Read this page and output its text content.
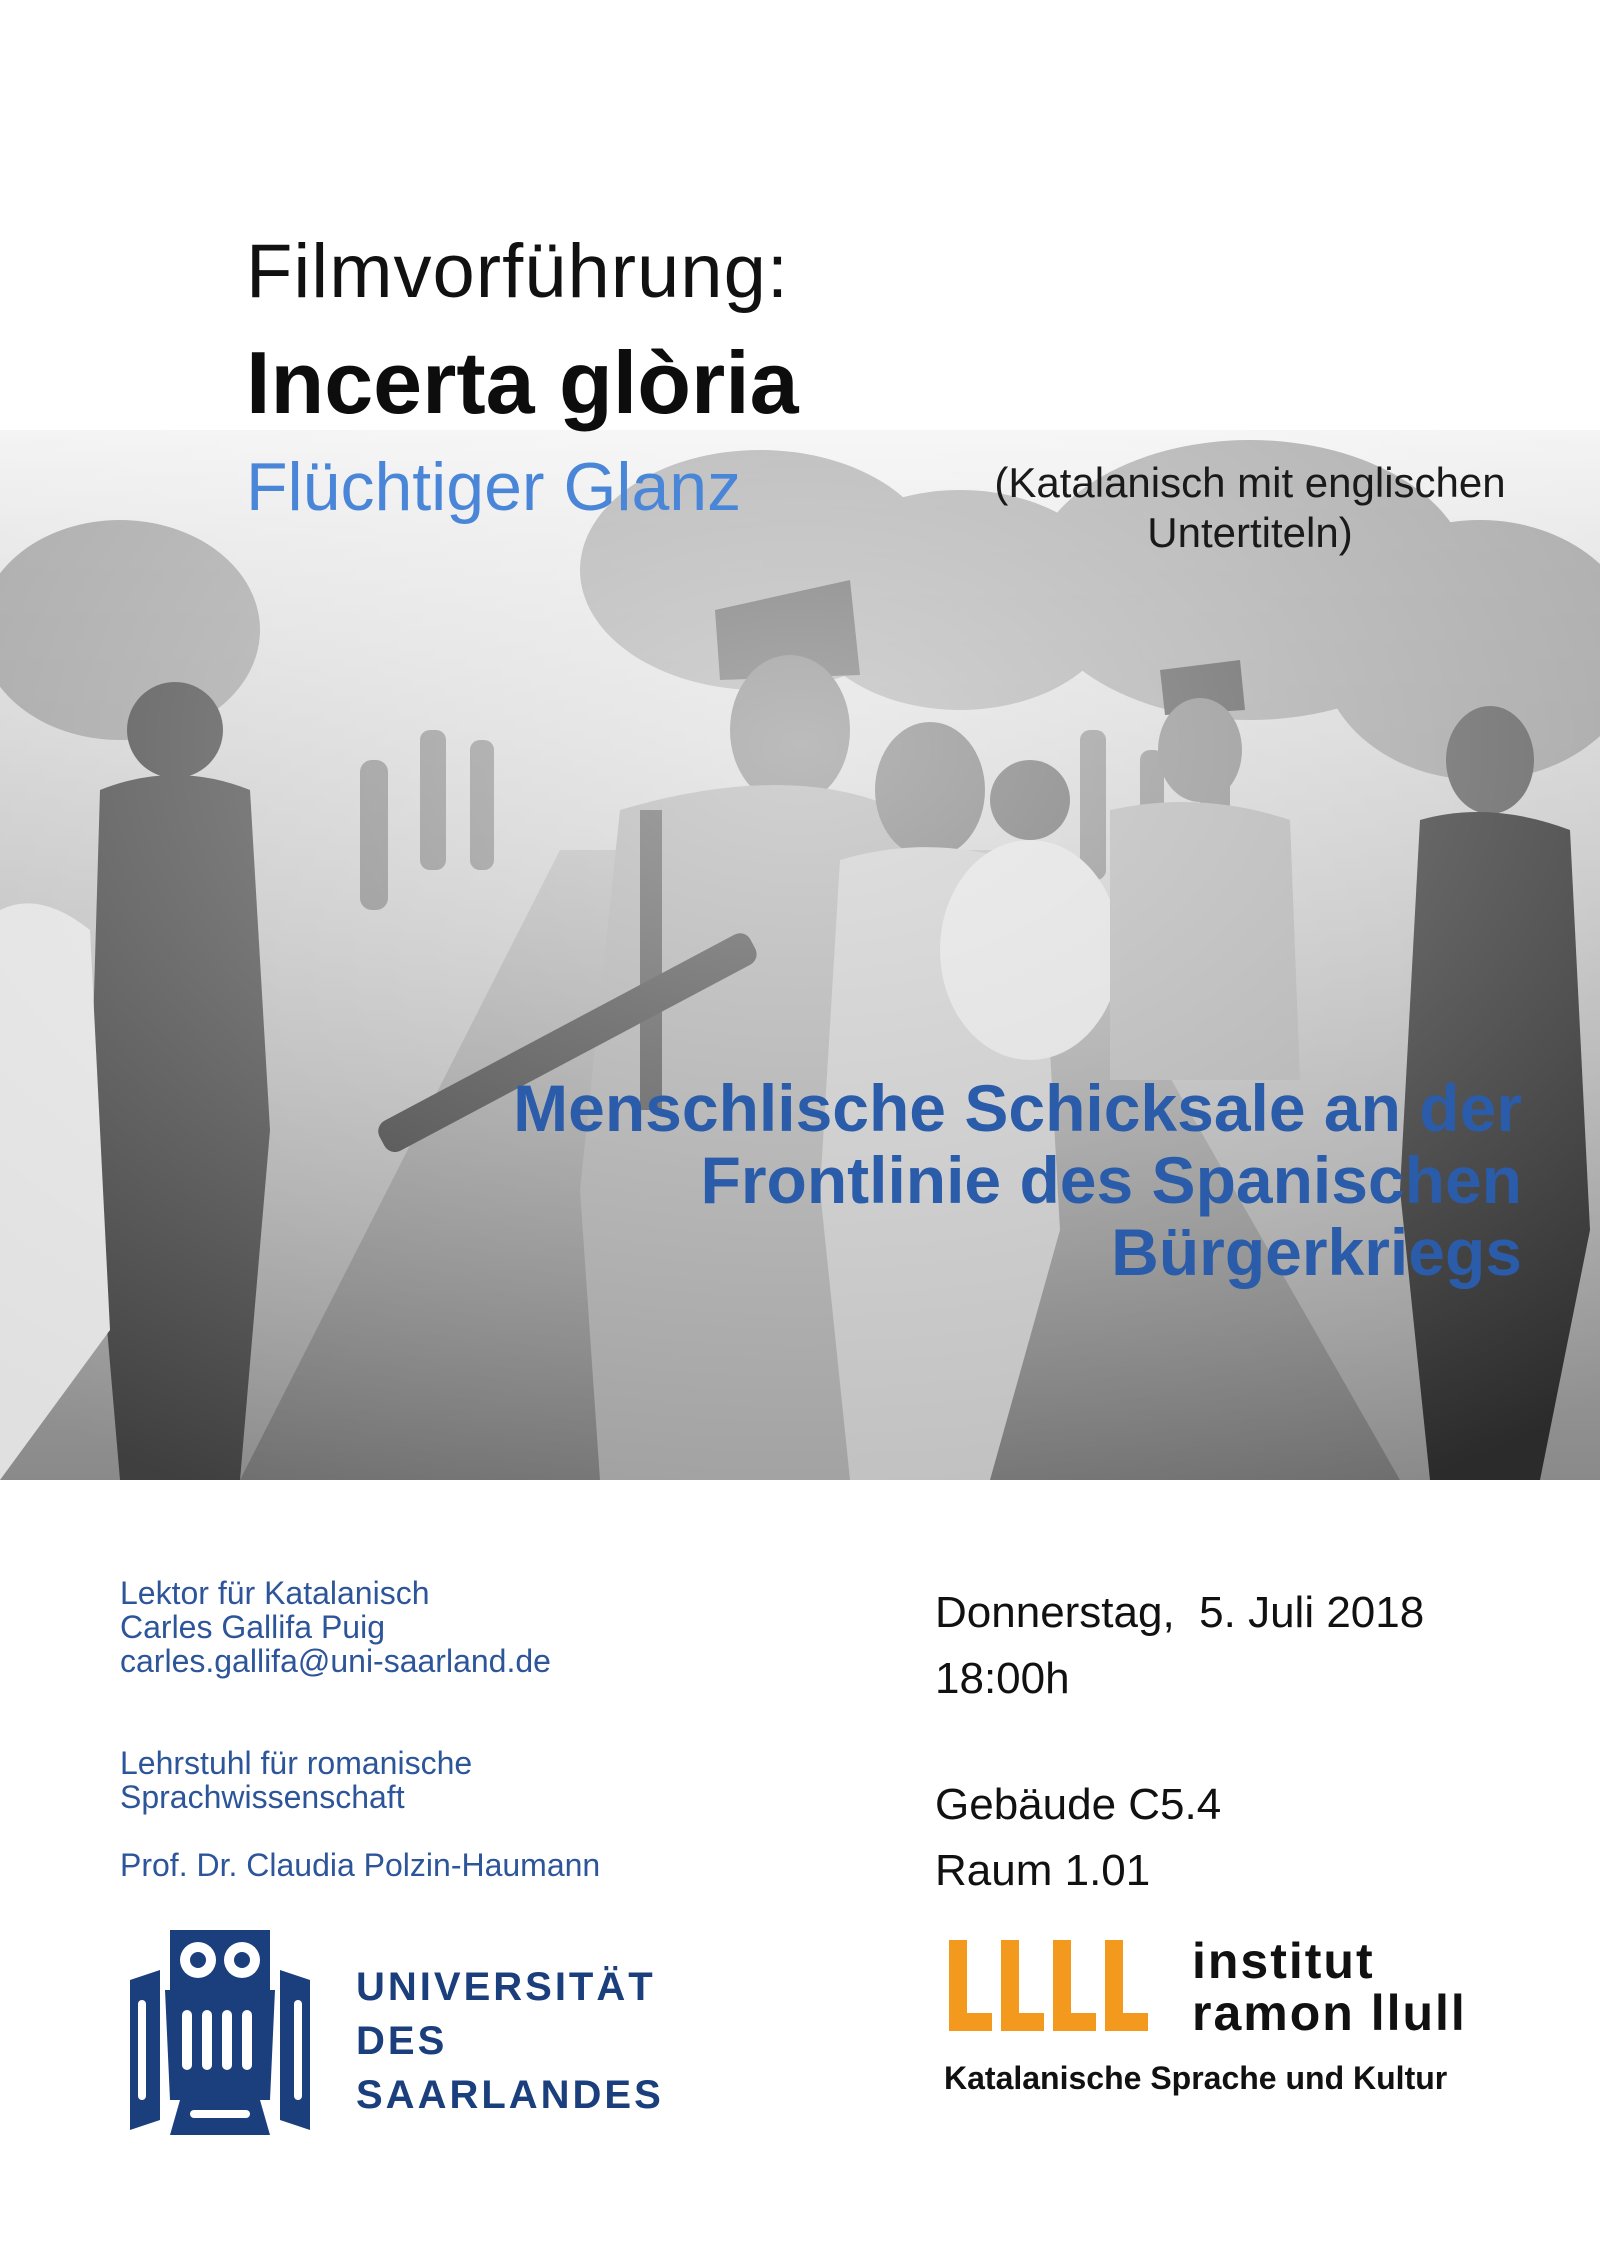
Filmvorführung:
Incerta glòria
Flüchtiger Glanz	(Katalanisch mit englischen Untertiteln)
Menschlische Schicksale an der Frontlinie des Spanischen Bürgerkriegs
Lektor für Katalanisch
Carles Gallifa Puig
carles.gallifa@uni-saarland.de
Lehrstuhl für romanische
Sprachwissenschaft
Prof. Dr. Claudia Polzin-Haumann
Donnerstag,  5. Juli 2018
18:00h
Gebäude C5.4
Raum 1.01
UNIVERSITÄT
DES
SAARLANDES
institut
ramon llull
Katalanische Sprache und Kultur
